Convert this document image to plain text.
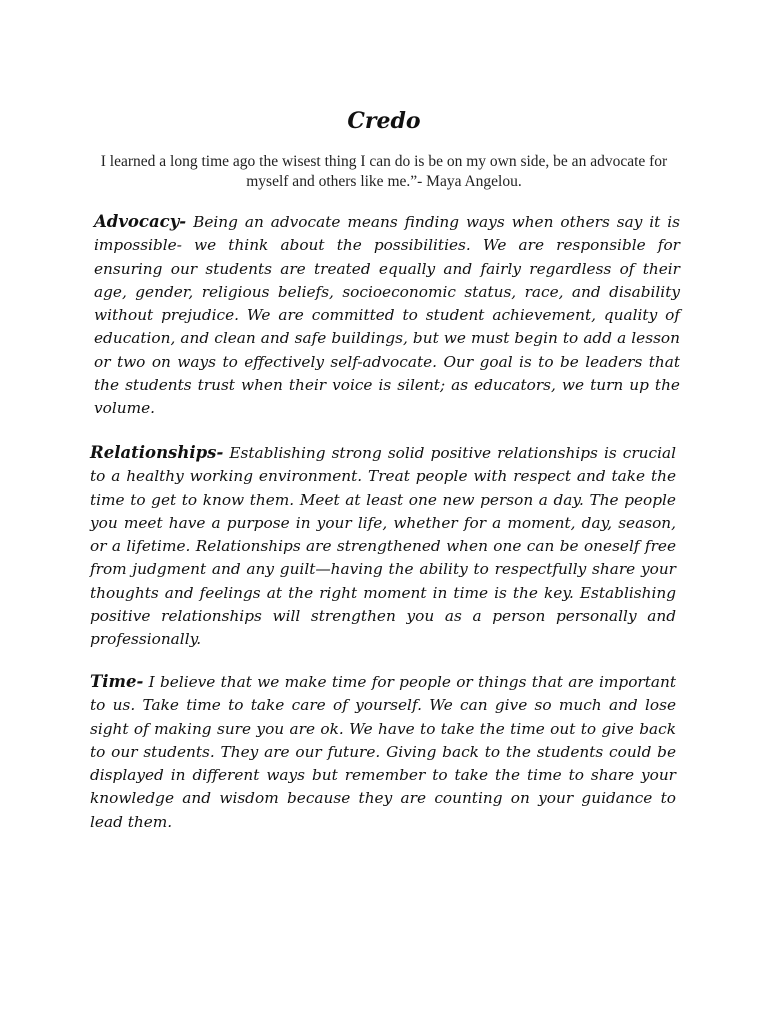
Credo

I learned a long time ago the wisest thing I can do is be on my own side, be an advocate for myself and others like me.”- Maya Angelou.

Advocacy- Being an advocate means finding ways when others say it is impossible- we think about the possibilities. We are responsible for ensuring our students are treated equally and fairly regardless of their age, gender, religious beliefs, socioeconomic status, race, and disability without prejudice. We are committed to student achievement, quality of education, and clean and safe buildings, but we must begin to add a lesson or two on ways to effectively self-advocate. Our goal is to be leaders that the students trust when their voice is silent; as educators, we turn up the volume.

Relationships- Establishing strong solid positive relationships is crucial to a healthy working environment. Treat people with respect and take the time to get to know them. Meet at least one new person a day. The people you meet have a purpose in your life, whether for a moment, day, season, or a lifetime. Relationships are strengthened when one can be oneself free from judgment and any guilt—having the ability to respectfully share your thoughts and feelings at the right moment in time is the key. Establishing positive relationships will strengthen you as a person personally and professionally.

Time- I believe that we make time for people or things that are important to us. Take time to take care of yourself. We can give so much and lose sight of making sure you are ok. We have to take the time out to give back to our students. They are our future. Giving back to the students could be displayed in different ways but remember to take the time to share your knowledge and wisdom because they are counting on your guidance to lead them.
